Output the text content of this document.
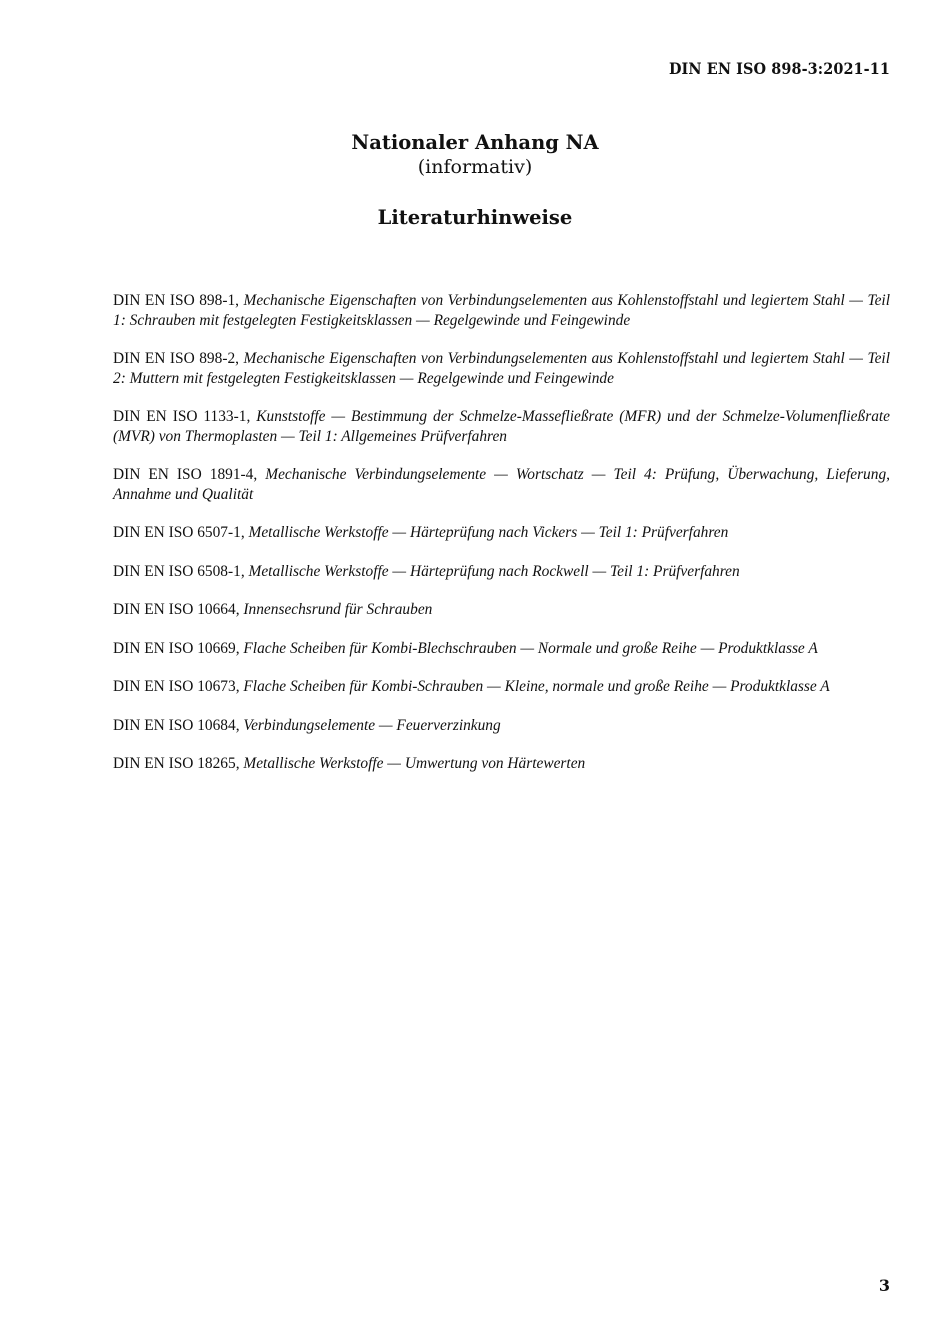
DIN EN ISO 898-3:2021-11
Nationaler Anhang NA
(informativ)
Literaturhinweise

DIN EN ISO 898-1, Mechanische Eigenschaften von Verbindungselementen aus Kohlenstoffstahl und legiertem Stahl — Teil 1: Schrauben mit festgelegten Festigkeitsklassen — Regelgewinde und Feingewinde

DIN EN ISO 898-2, Mechanische Eigenschaften von Verbindungselementen aus Kohlenstoffstahl und legiertem Stahl — Teil 2: Muttern mit festgelegten Festigkeitsklassen — Regelgewinde und Feingewinde

DIN EN ISO 1133-1, Kunststoffe — Bestimmung der Schmelze-Massefließrate (MFR) und der Schmelze-Volumenfließrate (MVR) von Thermoplasten — Teil 1: Allgemeines Prüfverfahren

DIN EN ISO 1891-4, Mechanische Verbindungselemente — Wortschatz — Teil 4: Prüfung, Überwachung, Lieferung, Annahme und Qualität

DIN EN ISO 6507-1, Metallische Werkstoffe — Härteprüfung nach Vickers — Teil 1: Prüfverfahren

DIN EN ISO 6508-1, Metallische Werkstoffe — Härteprüfung nach Rockwell — Teil 1: Prüfverfahren

DIN EN ISO 10664, Innensechsrund für Schrauben

DIN EN ISO 10669, Flache Scheiben für Kombi-Blechschrauben — Normale und große Reihe — Produktklasse A

DIN EN ISO 10673, Flache Scheiben für Kombi-Schrauben — Kleine, normale und große Reihe — Produktklasse A

DIN EN ISO 10684, Verbindungselemente — Feuerverzinkung

DIN EN ISO 18265, Metallische Werkstoffe — Umwertung von Härtewerten

3
